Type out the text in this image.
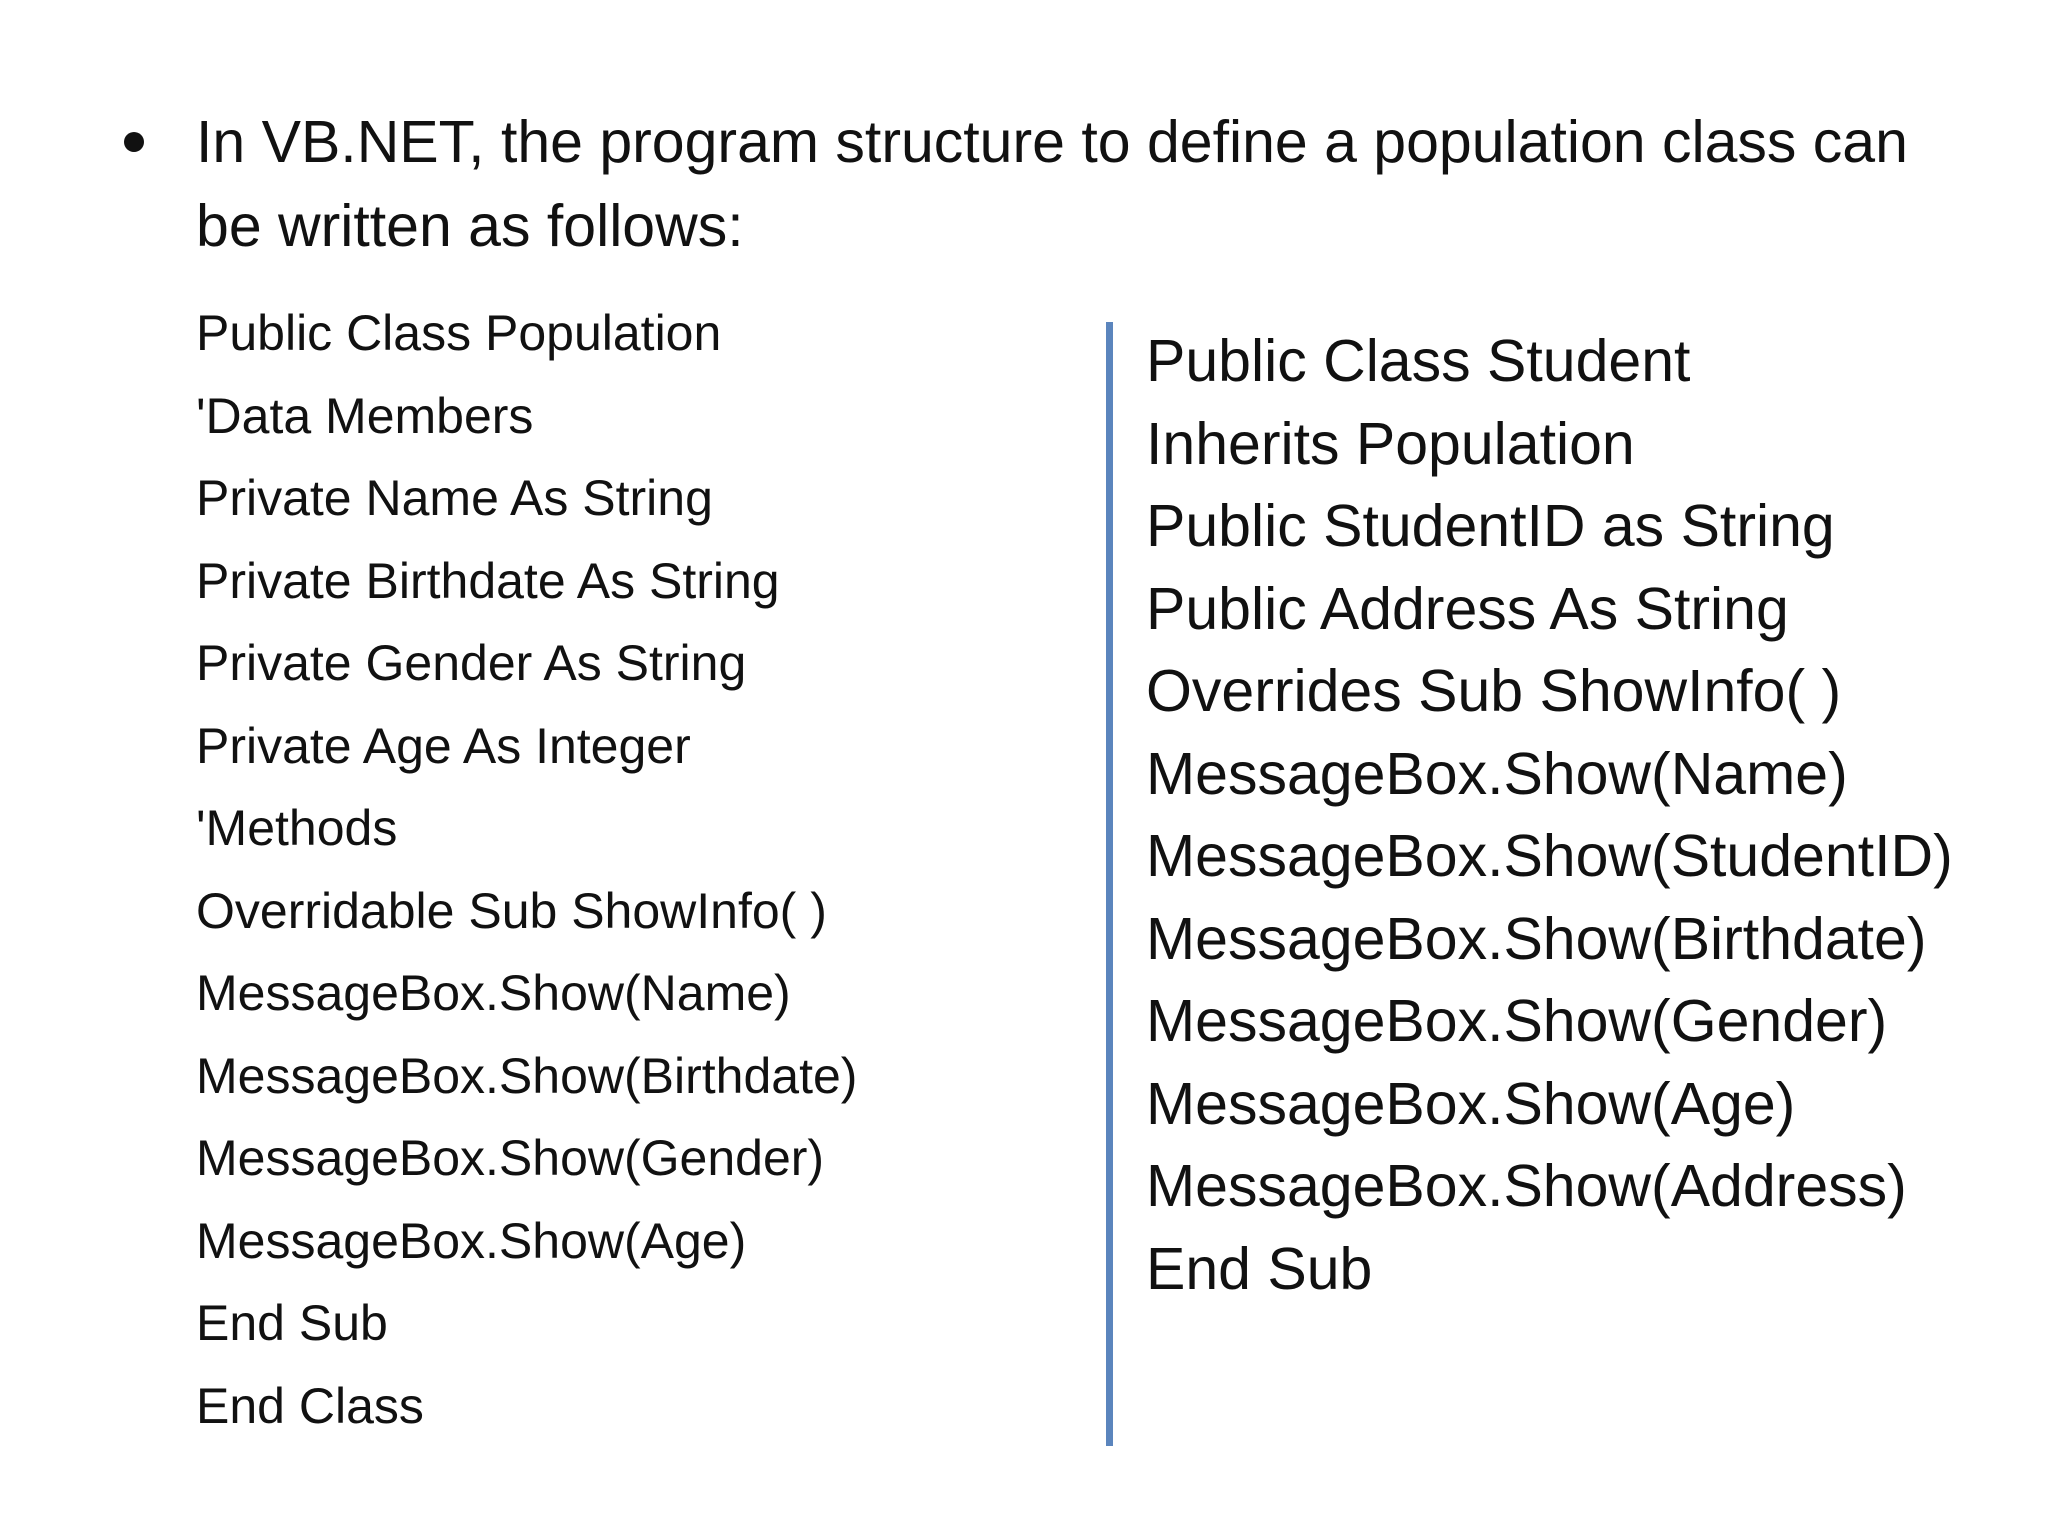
In VB.NET, the program structure to define a population class can be written as follows:
Public Class Population
'Data Members
Private Name As String
Private Birthdate As String
Private Gender As String
Private Age As Integer
'Methods
Overridable Sub ShowInfo( )
MessageBox.Show(Name)
MessageBox.Show(Birthdate)
MessageBox.Show(Gender)
MessageBox.Show(Age)
End Sub
End Class
Public Class Student
Inherits Population
Public StudentID as String
Public Address As String
Overrides Sub ShowInfo( )
MessageBox.Show(Name)
MessageBox.Show(StudentID)
MessageBox.Show(Birthdate)
MessageBox.Show(Gender)
MessageBox.Show(Age)
MessageBox.Show(Address)
End Sub
